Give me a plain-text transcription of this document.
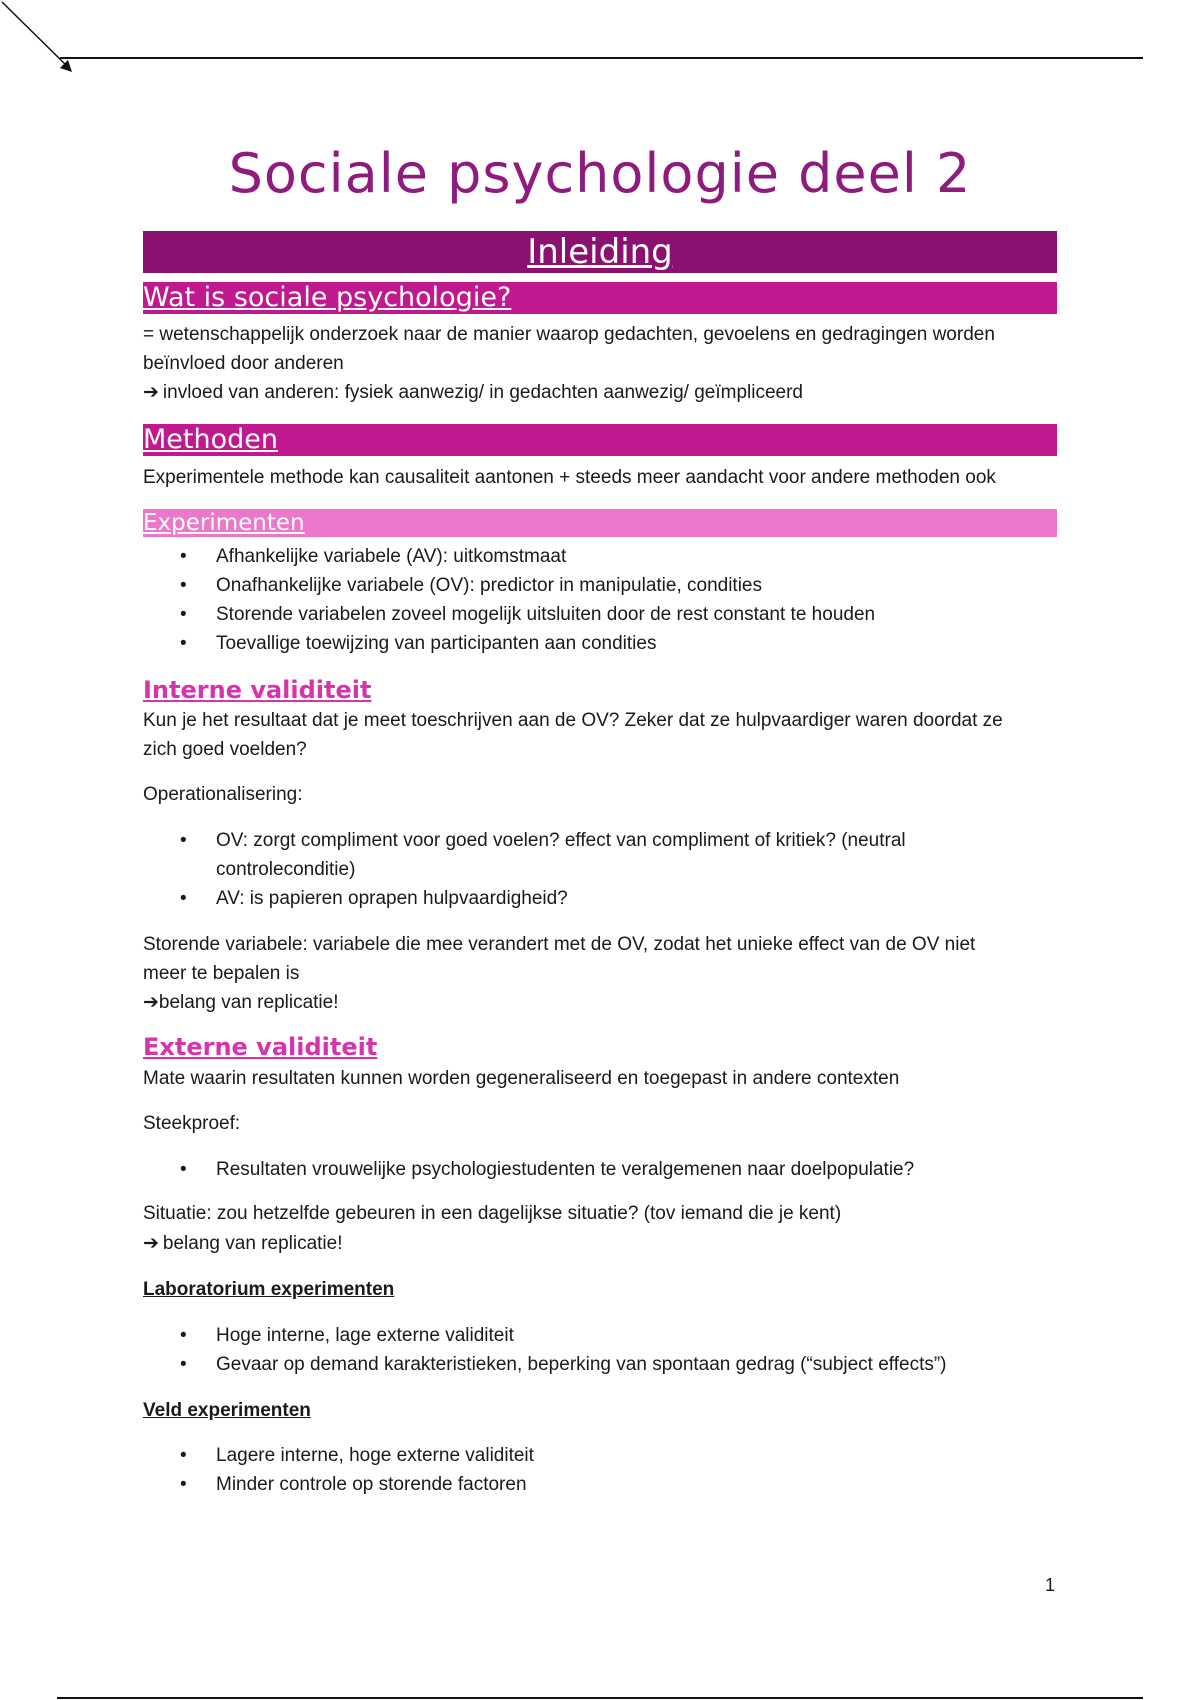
Sociale psychologie deel 2
Inleiding
Wat is sociale psychologie?
= wetenschappelijk onderzoek naar de manier waarop gedachten, gevoelens en gedragingen worden
beïnvloed door anderen
➔ invloed van anderen: fysiek aanwezig/ in gedachten aanwezig/ geïmpliceerd
Methoden
Experimentele methode kan causaliteit aantonen + steeds meer aandacht voor andere methoden ook
Experimenten
• Afhankelijke variabele (AV): uitkomstmaat
• Onafhankelijke variabele (OV): predictor in manipulatie, condities
• Storende variabelen zoveel mogelijk uitsluiten door de rest constant te houden
• Toevallige toewijzing van participanten aan condities
Interne validiteit
Kun je het resultaat dat je meet toeschrijven aan de OV? Zeker dat ze hulpvaardiger waren doordat ze
zich goed voelden?
Operationalisering:
• OV: zorgt compliment voor goed voelen? effect van compliment of kritiek? (neutral
controleconditie)
• AV: is papieren oprapen hulpvaardigheid?
Storende variabele: variabele die mee verandert met de OV, zodat het unieke effect van de OV niet
meer te bepalen is
➔belang van replicatie!
Externe validiteit
Mate waarin resultaten kunnen worden gegeneraliseerd en toegepast in andere contexten
Steekproef:
• Resultaten vrouwelijke psychologiestudenten te veralgemenen naar doelpopulatie?
Situatie: zou hetzelfde gebeuren in een dagelijkse situatie? (tov iemand die je kent)
➔ belang van replicatie!
Laboratorium experimenten
• Hoge interne, lage externe validiteit
• Gevaar op demand karakteristieken, beperking van spontaan gedrag (“subject effects”)
Veld experimenten
• Lagere interne, hoge externe validiteit
• Minder controle op storende factoren
1
